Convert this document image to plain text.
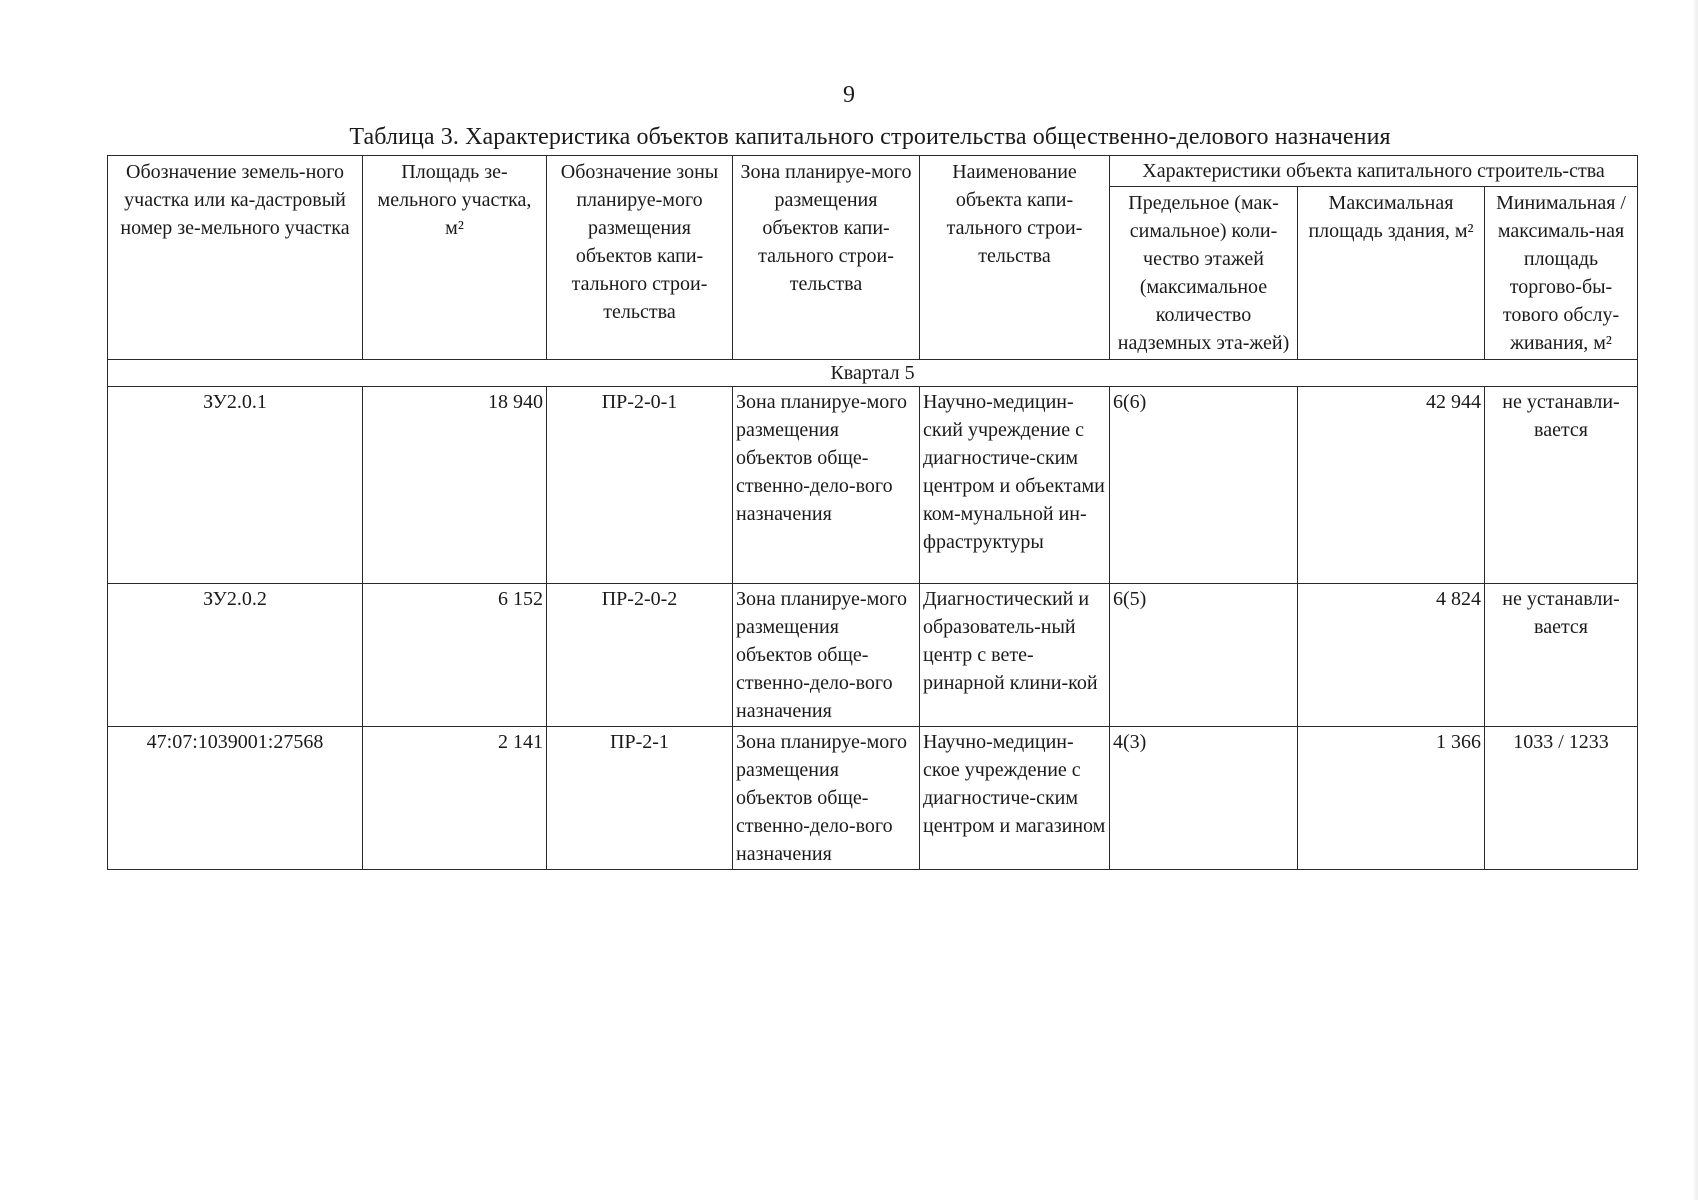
9
Таблица 3. Характеристика объектов капитального строительства общественно-делового назначения
Обозначение земель-ного участка или ка-дастровый номер зе-мельного участка	Площадь зе-мельного участка, м²	Обозначение зоны планируе-мого размещения объектов капи-тального строи-тельства	Зона планируе-мого размещения объектов капи-тального строи-тельства	Наименование объекта капи-тального строи-тельства	Характеристики объекта капитального строитель-ства		
					Предельное (мак-симальное) коли-чество этажей (максимальное количество надземных эта-жей)	Максимальная площадь здания, м²	Минимальная / максималь-ная площадь торгово-бы-тового обслу-живания, м²
Квартал 5							
ЗУ2.0.1	18 940	ПР-2-0-1	Зона планируе-мого размещения объектов обще-ственно-дело-вого назначения	Научно-медицин-ский учреждение с диагностиче-ским центром и объектами ком-мунальной ин-фраструктуры	6(6)	42 944	не устанавли-вается
ЗУ2.0.2	6 152	ПР-2-0-2	Зона планируе-мого размещения объектов обще-ственно-дело-вого назначения	Диагностический и образователь-ный центр с вете-ринарной клини-кой	6(5)	4 824	не устанавли-вается
47:07:1039001:27568	2 141	ПР-2-1	Зона планируе-мого размещения объектов обще-ственно-дело-вого назначения	Научно-медицин-ское учреждение с диагностиче-ским центром и магазином	4(3)	1 366	1033 / 1233
